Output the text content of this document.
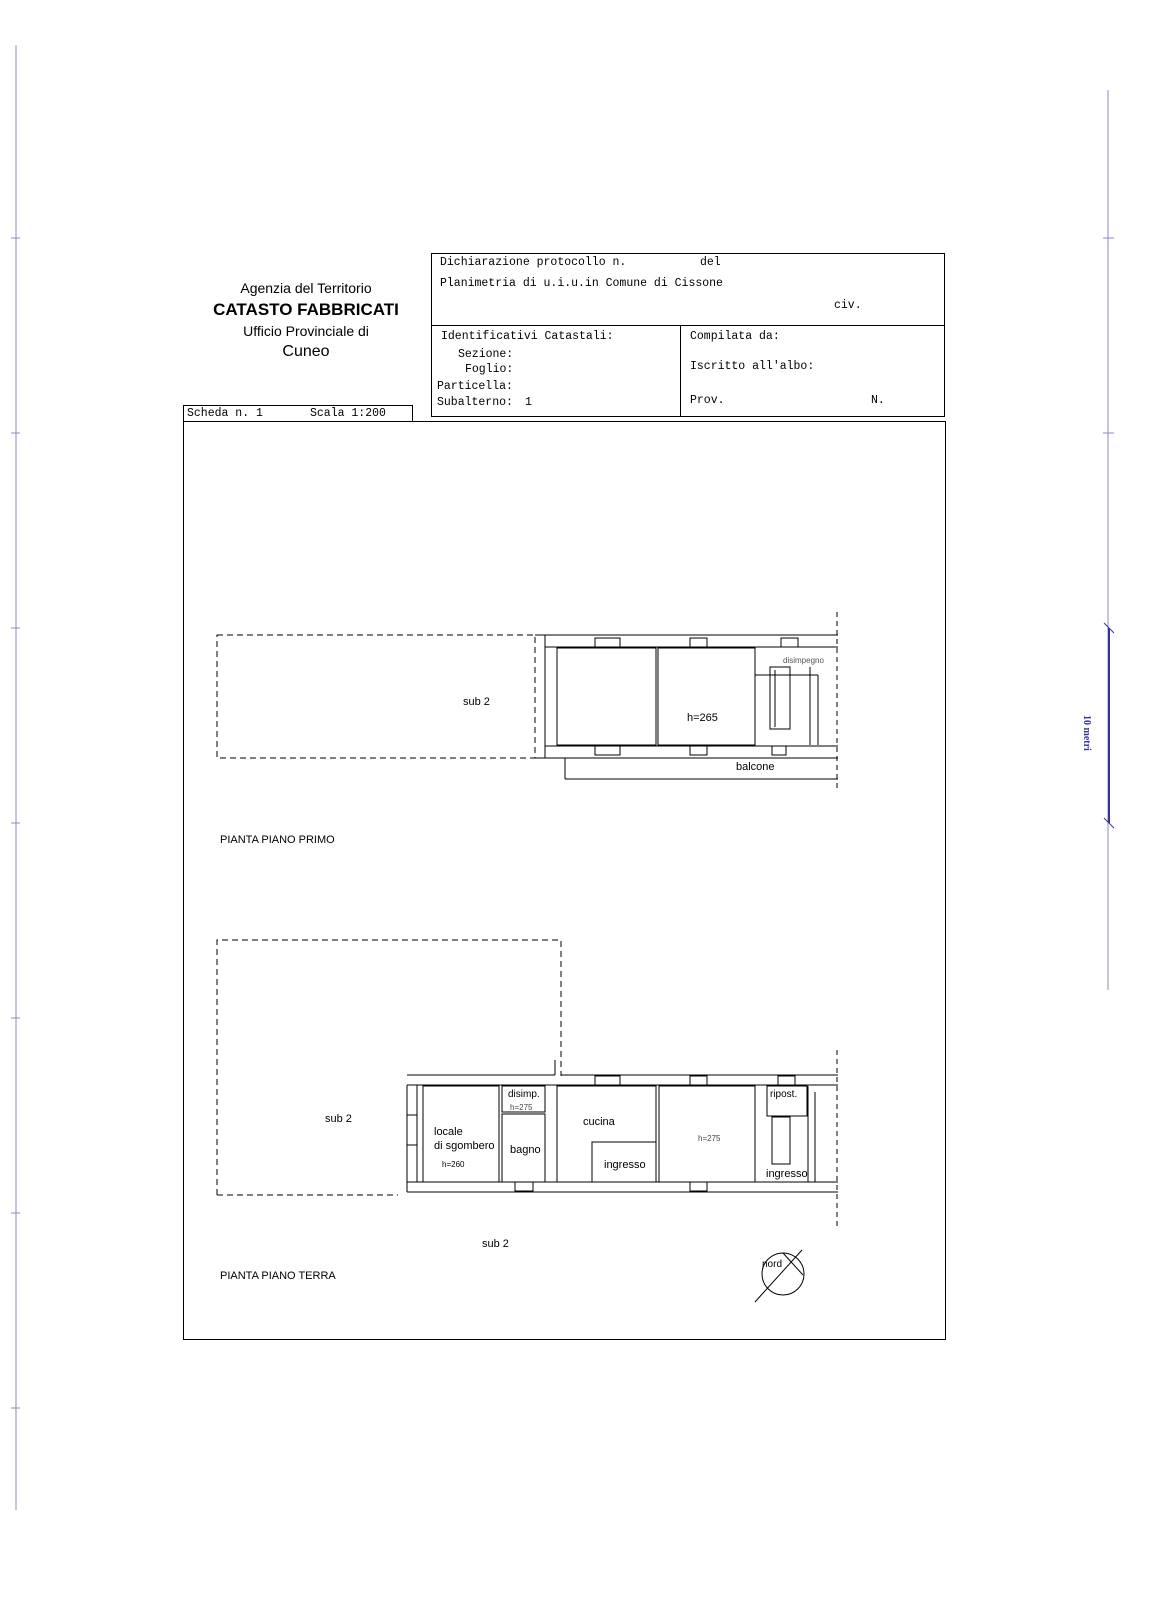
10 metri
Agenzia del Territorio
CATASTO FABBRICATI
Ufficio Provinciale di
Cuneo
Dichiarazione protocollo n.	del
Planimetria di u.i.u.in Comune di Cissone
civ.
Identificativi Catastali:
Sezione:
Foglio:
Particella:
Subalterno: 1
Compilata da:
Iscritto all'albo:
Prov.	N.
Scheda n. 1	Scala 1:200
sub 2
disimpegno
h=265
balcone
PIANTA PIANO PRIMO
sub 2
locale
di sgombero
h=260
disimp.
h=275
bagno
cucina
ingresso
h=275
ripost.
ingresso
sub 2
PIANTA PIANO TERRA
nord
